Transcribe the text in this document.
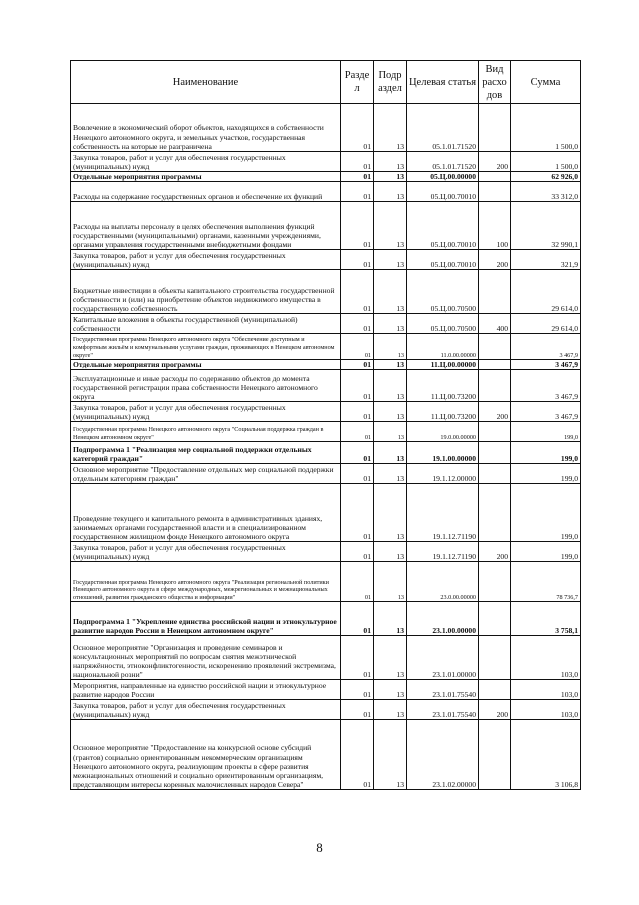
Наименование	Разде л	Подр аздел	Целевая статья	Вид расхо дов	Сумма
Вовлечение в экономический оборот объектов, находящихся в собственности Ненецкого автономного округа, и земельных участков, государственная собственность на которые не разграничена	01	13	05.1.01.71520		1 500,0
Закупка товаров, работ и услуг для обеспечения государственных (муниципальных) нужд	01	13	05.1.01.71520	200	1 500,0
Отдельные мероприятия программы	01	13	05.Ц.00.00000		62 926,0
Расходы на содержание государственных органов и обеспечение их функций	01	13	05.Ц.00.70010		33 312,0
Расходы на выплаты персоналу в целях обеспечения выполнения функций государственными (муниципальными) органами, казенными учреждениями, органами управления государственными внебюджетными фондами	01	13	05.Ц.00.70010	100	32 990,1
Закупка товаров, работ и услуг для обеспечения государственных (муниципальных) нужд	01	13	05.Ц.00.70010	200	321,9
Бюджетные инвестиции в объекты капитального строительства государственной собственности и (или) на приобретение объектов недвижимого имущества в государственную собственность	01	13	05.Ц.00.70500		29 614,0
Капитальные вложения в объекты государственной (муниципальной) собственности	01	13	05.Ц.00.70500	400	29 614,0
Государственная программа Ненецкого автономного округа "Обеспечение доступным и комфортным жильём и коммунальными услугами граждан, проживающих в Ненецком автономном округе"	01	13	11.0.00.00000		3 467,9
Отдельные мероприятия программы	01	13	11.Ц.00.00000		3 467,9
Эксплуатационные и иные расходы по содержанию объектов до момента государственной регистрации права собственности Ненецкого автономного округа	01	13	11.Ц.00.73200		3 467,9
Закупка товаров, работ и услуг для обеспечения государственных (муниципальных) нужд	01	13	11.Ц.00.73200	200	3 467,9
Государственная программа Ненецкого автономного округа "Социальная поддержка граждан в Ненецком автономном округе"	01	13	19.0.00.00000		199,0
Подпрограмма 1 "Реализация мер социальной поддержки отдельных категорий граждан"	01	13	19.1.00.00000		199,0
Основное мероприятие "Предоставление отдельных мер социальной поддержки отдельным категориям граждан"	01	13	19.1.12.00000		199,0
Проведение текущего и капитального ремонта в административных зданиях, занимаемых органами государственной власти и в специализированном государственном жилищном фонде Ненецкого автономного округа	01	13	19.1.12.71190		199,0
Закупка товаров, работ и услуг для обеспечения государственных (муниципальных) нужд	01	13	19.1.12.71190	200	199,0
Государственная программа Ненецкого автономного округа "Реализация региональной политики Ненецкого автономного округа в сфере международных, межрегиональных и межнациональных отношений, развития гражданского общества и информации"	01	13	23.0.00.00000		78 736,7
Подпрограмма 1 "Укрепление единства российской нации и этнокультурное развитие народов России в Ненецком автономном округе"	01	13	23.1.00.00000		3 758,1
Основное мероприятие "Организация и проведение семинаров и консультационных мероприятий по вопросам снятия межэтнической напряжённости, этноконфликтогенности, искоренению проявлений экстремизма, национальной розни"	01	13	23.1.01.00000		103,0
Мероприятия, направленные на единство российской нации и этнокультурное развитие народов России	01	13	23.1.01.75540		103,0
Закупка товаров, работ и услуг для обеспечения государственных (муниципальных) нужд	01	13	23.1.01.75540	200	103,0
Основное мероприятие "Предоставление на конкурсной основе субсидий (грантов) социально ориентированным некоммерческим организациям Ненецкого автономного округа, реализующим проекты в сфере развития межнациональных отношений и социально ориентированным организациям, представляющим интересы коренных малочисленных народов Севера"	01	13	23.1.02.00000		3 106,8
8
